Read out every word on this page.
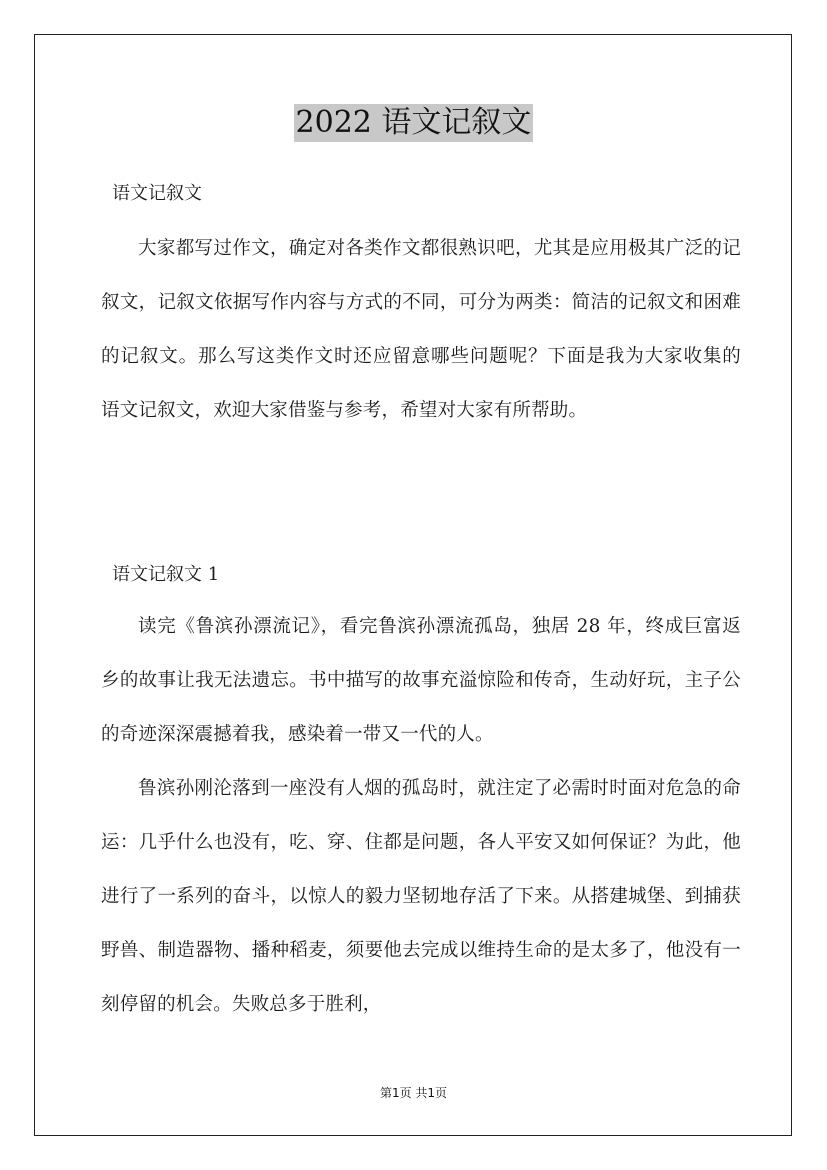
2022 语文记叙文
语文记叙文

大家都写过作文，确定对各类作文都很熟识吧，尤其是应用极其广泛的记叙文，记叙文依据写作内容与方式的不同，可分为两类：简洁的记叙文和困难的记叙文。那么写这类作文时还应留意哪些问题呢？下面是我为大家收集的 语文记叙文，欢迎大家借鉴与参考，希望对大家有所帮助。

语文记叙文 1

读完《鲁滨孙漂流记》，看完鲁滨孙漂流孤岛，独居 28 年，终成巨富返乡的故事让我无法遗忘。书中描写的故事充溢惊险和传奇，生动好玩，主子公的奇迹深深震撼着我，感染着一带又一代的人。

鲁滨孙刚沦落到一座没有人烟的孤岛时，就注定了必需时时面对危急的命运：几乎什么也没有，吃、穿、住都是问题，各人平安又如何保证？为此，他进行了一系列的奋斗，以惊人的毅力坚韧地存活了下来。从搭建城堡、到捕获野兽、制造器物、播种稻麦，须要他去完成以维持生命的是太多了，他没有一刻停留的机会。失败总多于胜利，

第1页 共1页
